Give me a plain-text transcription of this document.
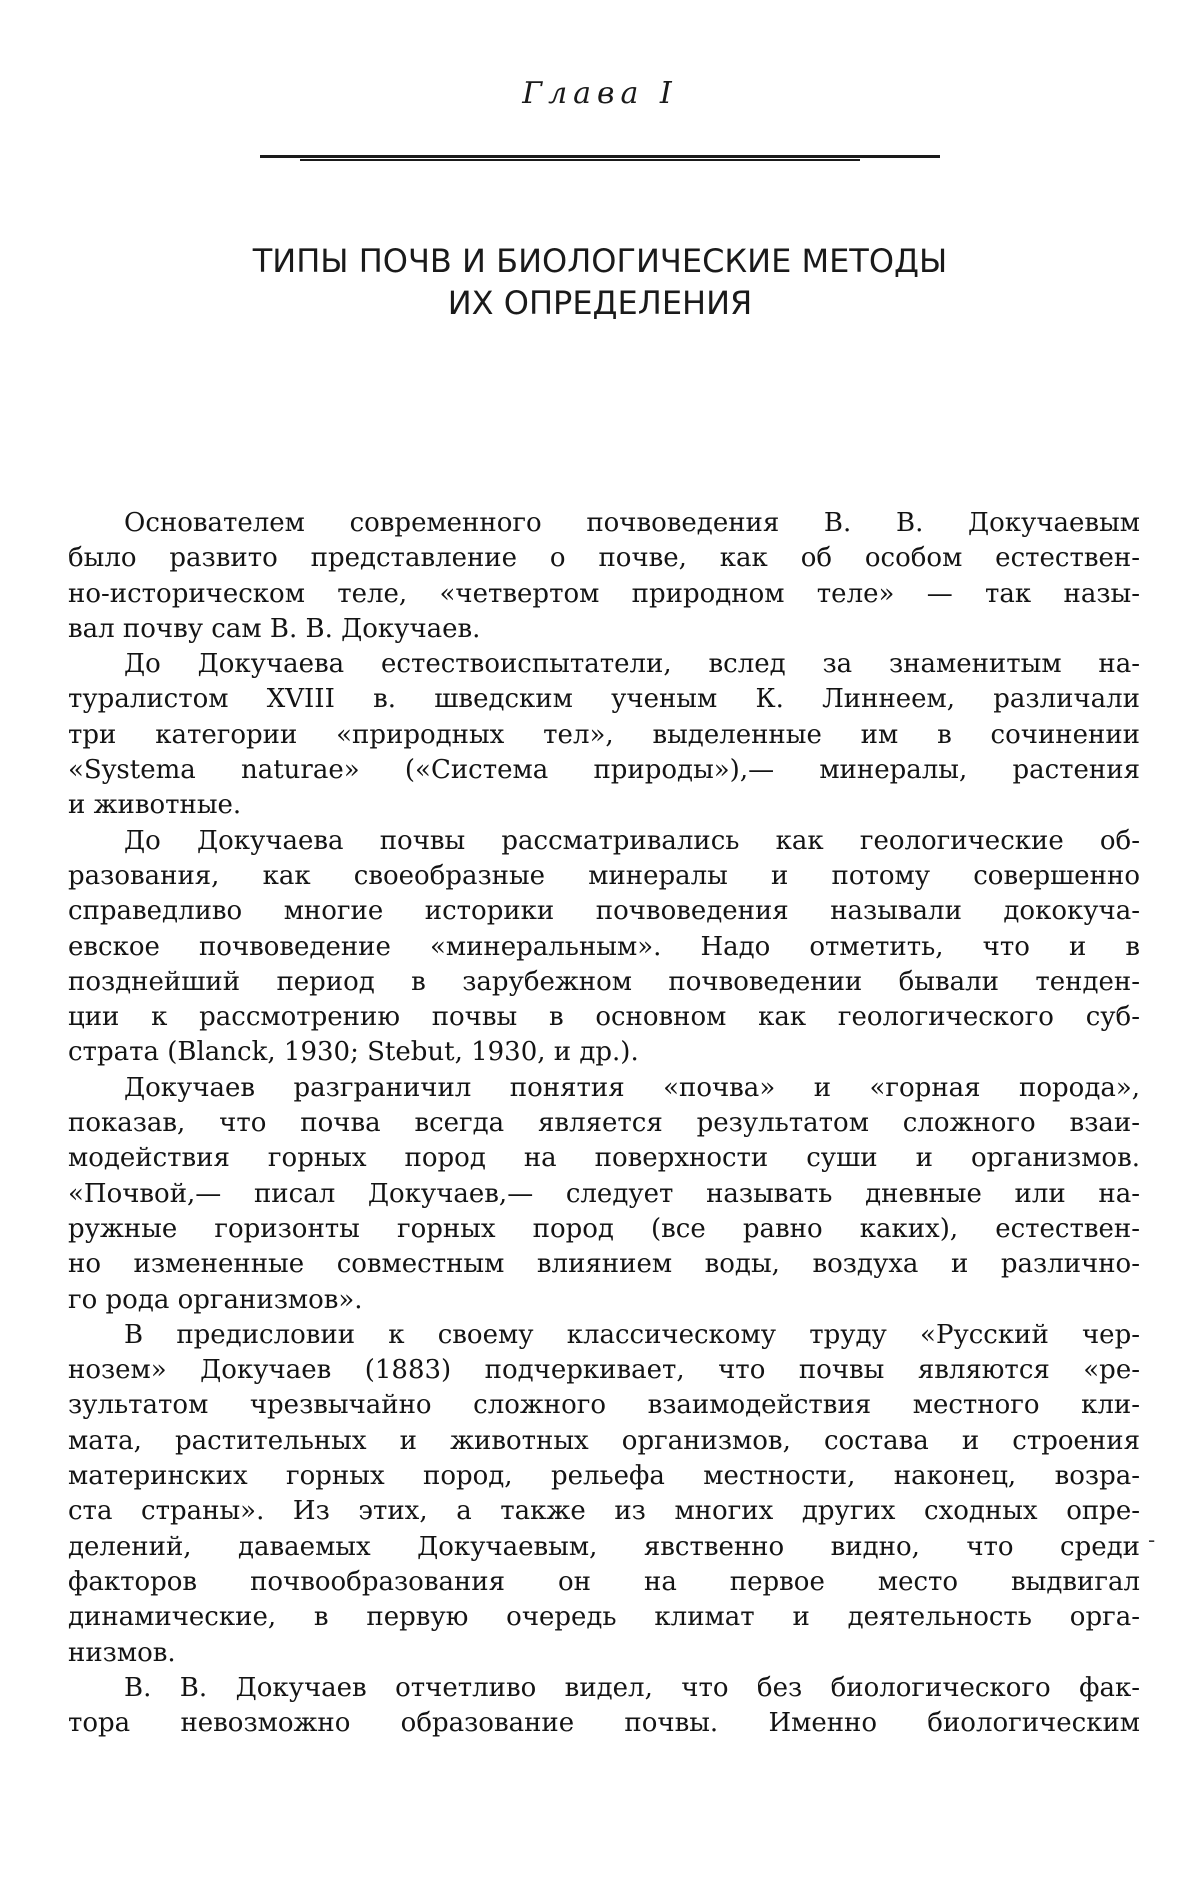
Глава I
ТИПЫ ПОЧВ И БИОЛОГИЧЕСКИЕ МЕТОДЫ
ИХ ОПРЕДЕЛЕНИЯ
Основателем современного почвоведения В. В. Докучаевым
было развито представление о почве, как об особом естествен-
но-историческом теле, «четвертом природном теле» — так назы-
вал почву сам В. В. Докучаев.
До Докучаева естествоиспытатели, вслед за знаменитым на-
туралистом XVIII в. шведским ученым К. Линнеем, различали
три категории «природных тел», выделенные им в сочинении
«Systema naturae» («Система природы»),— минералы, растения
и животные.
До Докучаева почвы рассматривались как геологические об-
разования, как своеобразные минералы и потому совершенно
справедливо многие историки почвоведения называли дококуча-
евское почвоведение «минеральным». Надо отметить, что и в
позднейший период в зарубежном почвоведении бывали тенден-
ции к рассмотрению почвы в основном как геологического суб-
страта (Blanck, 1930; Stebut, 1930, и др.).
Докучаев разграничил понятия «почва» и «горная порода»,
показав, что почва всегда является результатом сложного взаи-
модействия горных пород на поверхности суши и организмов.
«Почвой,— писал Докучаев,— следует называть дневные или на-
ружные горизонты горных пород (все равно каких), естествен-
но измененные совместным влиянием воды, воздуха и различно-
го рода организмов».
В предисловии к своему классическому труду «Русский чер-
нозем» Докучаев (1883) подчеркивает, что почвы являются «ре-
зультатом чрезвычайно сложного взаимодействия местного кли-
мата, растительных и животных организмов, состава и строения
материнских горных пород, рельефа местности, наконец, возра-
ста страны». Из этих, а также из многих других сходных опре-
делений, даваемых Докучаевым, явственно видно, что среди
факторов почвообразования он на первое место выдвигал
динамические, в первую очередь климат и деятельность орга-
низмов.
В. В. Докучаев отчетливо видел, что без биологического фак-
тора невозможно образование почвы. Именно биологическим
-
